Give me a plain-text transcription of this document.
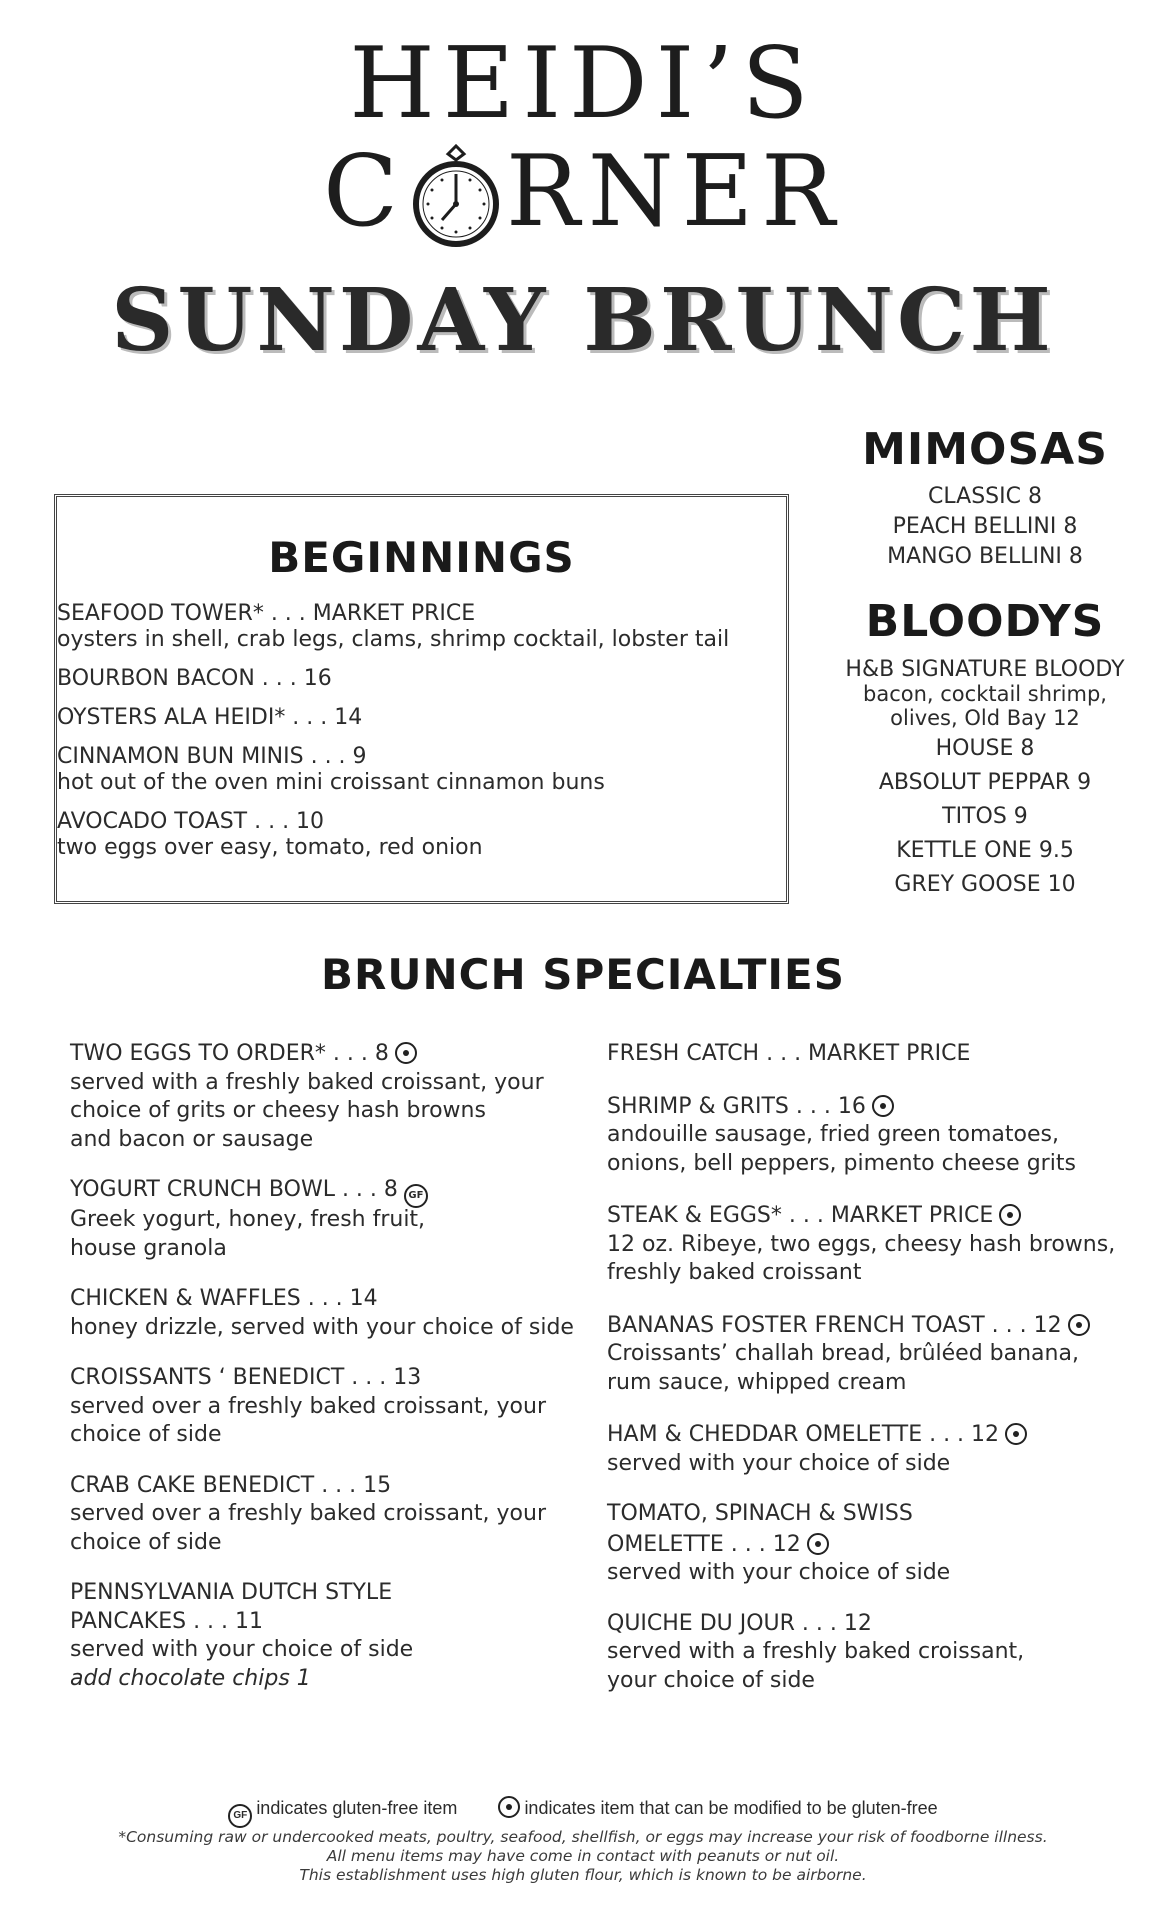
HEIDI’S
C RNER
SUNDAY BRUNCH
BEGINNINGS
SEAFOOD TOWER* . . . MARKET PRICE
oysters in shell, crab legs, clams, shrimp cocktail, lobster tail
BOURBON BACON . . . 16
OYSTERS ALA HEIDI* . . . 14
CINNAMON BUN MINIS . . . 9
hot out of the oven mini croissant cinnamon buns
AVOCADO TOAST . . . 10
two eggs over easy, tomato, red onion
MIMOSAS
CLASSIC 8
PEACH BELLINI 8
MANGO BELLINI 8
BLOODYS
H&B SIGNATURE BLOODY
bacon, cocktail shrimp,
olives, Old Bay 12
HOUSE 8
ABSOLUT PEPPAR 9
TITOS 9
KETTLE ONE 9.5
GREY GOOSE 10
BRUNCH SPECIALTIES
TWO EGGS TO ORDER* . . . 8
served with a freshly baked croissant, your
choice of grits or cheesy hash browns
and bacon or sausage
YOGURT CRUNCH BOWL . . . 8 GF
Greek yogurt, honey, fresh fruit,
house granola
CHICKEN & WAFFLES . . . 14
honey drizzle, served with your choice of side
CROISSANTS ‘ BENEDICT . . . 13
served over a freshly baked croissant, your
choice of side
CRAB CAKE BENEDICT . . . 15
served over a freshly baked croissant, your
choice of side
PENNSYLVANIA DUTCH STYLE
PANCAKES . . . 11
served with your choice of side
add chocolate chips 1
FRESH CATCH . . . MARKET PRICE
SHRIMP & GRITS . . . 16
andouille sausage, fried green tomatoes,
onions, bell peppers, pimento cheese grits
STEAK & EGGS* . . . MARKET PRICE
12 oz. Ribeye, two eggs, cheesy hash browns,
freshly baked croissant
BANANAS FOSTER FRENCH TOAST . . . 12
Croissants’ challah bread, brûléed banana,
rum sauce, whipped cream
HAM & CHEDDAR OMELETTE . . . 12
served with your choice of side
TOMATO, SPINACH & SWISS
OMELETTE . . . 12
served with your choice of side
QUICHE DU JOUR . . . 12
served with a freshly baked croissant,
your choice of side
GF indicates gluten-free item	indicates item that can be modified to be gluten-free
*Consuming raw or undercooked meats, poultry, seafood, shellfish, or eggs may increase your risk of foodborne illness.
All menu items may have come in contact with peanuts or nut oil.
This establishment uses high gluten flour, which is known to be airborne.
